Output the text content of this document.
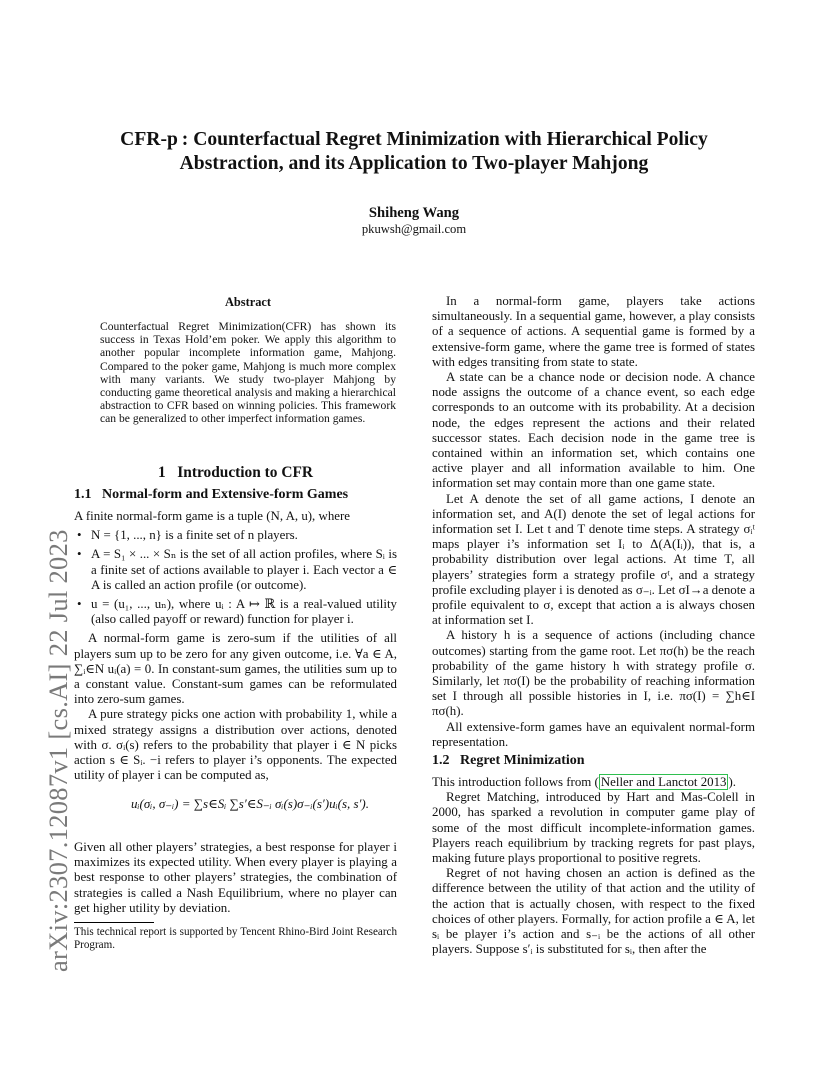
arXiv:2307.12087v1 [cs.AI] 22 Jul 2023
CFR-p : Counterfactual Regret Minimization with Hierarchical Policy
Abstraction, and its Application to Two-player Mahjong
Shiheng Wang
pkuwsh@gmail.com
Abstract
Counterfactual Regret Minimization(CFR) has shown its success in Texas Hold’em poker. We apply this algorithm to another popular incomplete information game, Mahjong. Compared to the poker game, Mahjong is much more complex with many variants. We study two-player Mahjong by conducting game theoretical analysis and making a hierarchical abstraction to CFR based on winning policies. This framework can be generalized to other imperfect information games.
1 Introduction to CFR
1.1 Normal-form and Extensive-form Games

A finite normal-form game is a tuple (N, A, u), where

• N = {1, ..., n} is a finite set of n players.
• A = S₁ × ... × Sₙ is the set of all action profiles, where Sᵢ is a finite set of actions available to player i. Each vector a ∈ A is called an action profile (or outcome).
• u = (u₁, ..., uₙ), where uᵢ : A ↦ ℝ is a real-valued utility (also called payoff or reward) function for player i.

A normal-form game is zero-sum if the utilities of all players sum up to be zero for any given outcome, i.e. ∀a ∈ A, ∑ᵢ∈N uᵢ(a) = 0. In constant-sum games, the utilities sum up to a constant value. Constant-sum games can be reformulated into zero-sum games.

A pure strategy picks one action with probability 1, while a mixed strategy assigns a distribution over actions, denoted with σ. σᵢ(s) refers to the probability that player i ∈ N picks action s ∈ Sᵢ. −i refers to player i’s opponents. The expected utility of player i can be computed as,

uᵢ(σᵢ, σ₋ᵢ) = ∑s∈Sᵢ ∑s′∈S₋ᵢ σᵢ(s)σ₋ᵢ(s′)uᵢ(s, s′).

Given all other players’ strategies, a best response for player i maximizes its expected utility. When every player is playing a best response to other players’ strategies, the combination of strategies is called a Nash Equilibrium, where no player can get higher utility by deviation.

This technical report is supported by Tencent Rhino-Bird Joint Research Program.

In a normal-form game, players take actions simultaneously. In a sequential game, however, a play consists of a sequence of actions. A sequential game is formed by a extensive-form game, where the game tree is formed of states with edges transiting from state to state.

A state can be a chance node or decision node. A chance node assigns the outcome of a chance event, so each edge corresponds to an outcome with its probability. At a decision node, the edges represent the actions and their related successor states. Each decision node in the game tree is contained within an information set, which contains one active player and all information available to him. One information set may contain more than one game state.

Let A denote the set of all game actions, I denote an information set, and A(I) denote the set of legal actions for information set I. Let t and T denote time steps. A strategy σᵢᵗ maps player i’s information set Iᵢ to Δ(A(Iᵢ)), that is, a probability distribution over legal actions. At time T, all players’ strategies form a strategy profile σᵗ, and a strategy profile excluding player i is denoted as σ₋ᵢ. Let σI→a denote a profile equivalent to σ, except that action a is always chosen at information set I.

A history h is a sequence of actions (including chance outcomes) starting from the game root. Let πσ(h) be the reach probability of the game history h with strategy profile σ. Similarly, let πσ(I) be the probability of reaching information set I through all possible histories in I, i.e. πσ(I) = ∑h∈I πσ(h).

All extensive-form games have an equivalent normal-form representation.

1.2 Regret Minimization

This introduction follows from ( Neller and Lanctot 2013 ).

Regret Matching, introduced by Hart and Mas-Colell in 2000, has sparked a revolution in computer game play of some of the most difficult incomplete-information games. Players reach equilibrium by tracking regrets for past plays, making future plays proportional to positive regrets.

Regret of not having chosen an action is defined as the difference between the utility of that action and the utility of the action that is actually chosen, with respect to the fixed choices of other players. Formally, for action profile a ∈ A, let sᵢ be player i’s action and s₋ᵢ be the actions of all other players. Suppose s′ᵢ is substituted for sᵢ, then after the
